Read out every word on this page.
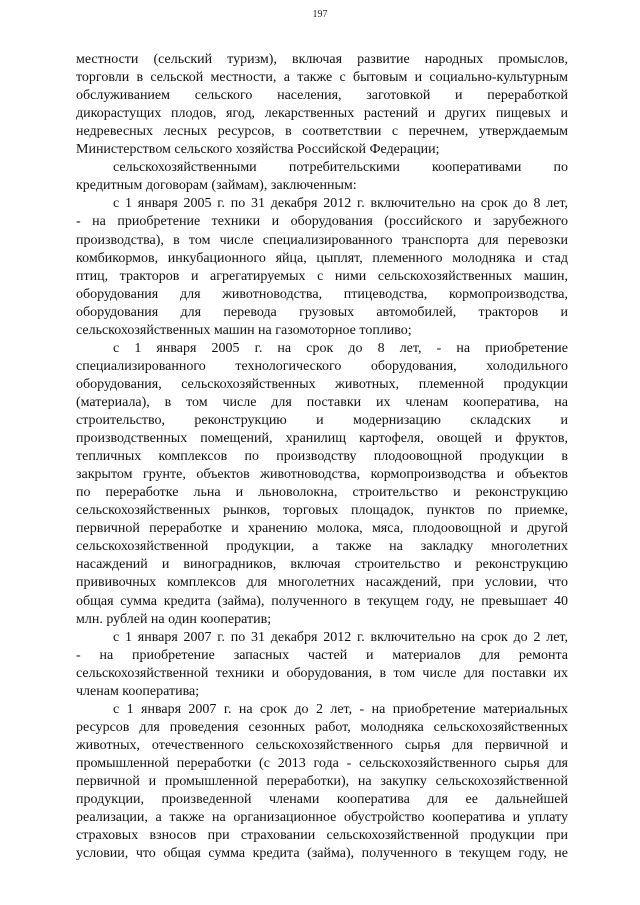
197
местности (сельский туризм), включая развитие народных промыслов,
торговли в сельской местности, а также с бытовым и социально-культурным
обслуживанием сельского населения, заготовкой и переработкой
дикорастущих плодов, ягод, лекарственных растений и других пищевых и
недревесных лесных ресурсов, в соответствии с перечнем, утверждаемым
Министерством сельского хозяйства Российской Федерации;
сельскохозяйственными потребительскими кооперативами по
кредитным договорам (займам), заключенным:
с 1 января 2005 г. по 31 декабря 2012 г. включительно на срок до 8 лет,
- на приобретение техники и оборудования (российского и зарубежного
производства), в том числе специализированного транспорта для перевозки
комбикормов, инкубационного яйца, цыплят, племенного молодняка и стад
птиц, тракторов и агрегатируемых с ними сельскохозяйственных машин,
оборудования для животноводства, птицеводства, кормопроизводства,
оборудования для перевода грузовых автомобилей, тракторов и
сельскохозяйственных машин на газомоторное топливо;
с 1 января 2005 г. на срок до 8 лет, - на приобретение
специализированного технологического оборудования, холодильного
оборудования, сельскохозяйственных животных, племенной продукции
(материала), в том числе для поставки их членам кооператива, на
строительство, реконструкцию и модернизацию складских и
производственных помещений, хранилищ картофеля, овощей и фруктов,
тепличных комплексов по производству плодоовощной продукции в
закрытом грунте, объектов животноводства, кормопроизводства и объектов
по переработке льна и льноволокна, строительство и реконструкцию
сельскохозяйственных рынков, торговых площадок, пунктов по приемке,
первичной переработке и хранению молока, мяса, плодоовощной и другой
сельскохозяйственной продукции, а также на закладку многолетних
насаждений и виноградников, включая строительство и реконструкцию
прививочных комплексов для многолетних насаждений, при условии, что
общая сумма кредита (займа), полученного в текущем году, не превышает 40
млн. рублей на один кооператив;
с 1 января 2007 г. по 31 декабря 2012 г. включительно на срок до 2 лет,
- на приобретение запасных частей и материалов для ремонта
сельскохозяйственной техники и оборудования, в том числе для поставки их
членам кооператива;
с 1 января 2007 г. на срок до 2 лет, - на приобретение материальных
ресурсов для проведения сезонных работ, молодняка сельскохозяйственных
животных, отечественного сельскохозяйственного сырья для первичной и
промышленной переработки (с 2013 года - сельскохозяйственного сырья для
первичной и промышленной переработки), на закупку сельскохозяйственной
продукции, произведенной членами кооператива для ее дальнейшей
реализации, а также на организационное обустройство кооператива и уплату
страховых взносов при страховании сельскохозяйственной продукции при
условии, что общая сумма кредита (займа), полученного в текущем году, не
